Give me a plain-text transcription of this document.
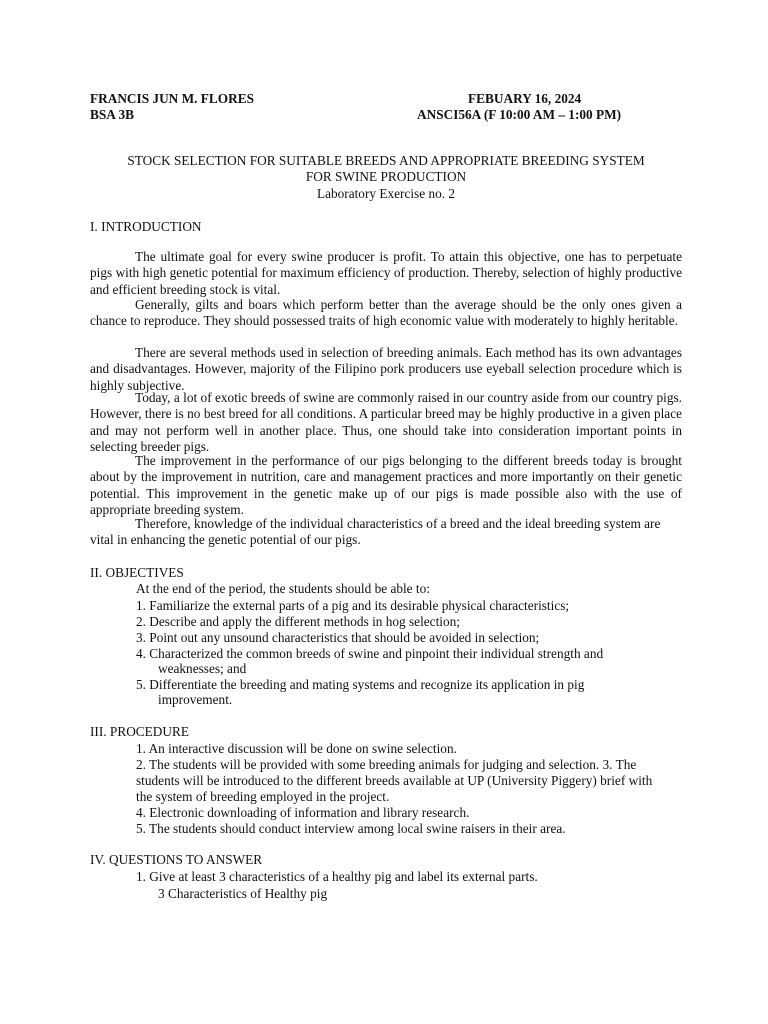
FRANCIS JUN M. FLORES
BSA 3B
FEBUARY 16, 2024
ANSCI56A (F 10:00 AM – 1:00 PM)
STOCK SELECTION FOR SUITABLE BREEDS AND APPROPRIATE BREEDING SYSTEM
FOR SWINE PRODUCTION
Laboratory Exercise no. 2
I. INTRODUCTION

The ultimate goal for every swine producer is profit. To attain this objective, one has to perpetuate pigs with high genetic potential for maximum efficiency of production. Thereby, selection of highly productive and efficient breeding stock is vital.

Generally, gilts and boars which perform better than the average should be the only ones given a chance to reproduce. They should possessed traits of high economic value with moderately to highly heritable.

There are several methods used in selection of breeding animals. Each method has its own advantages and disadvantages. However, majority of the Filipino pork producers use eyeball selection procedure which is highly subjective.

Today, a lot of exotic breeds of swine are commonly raised in our country aside from our country pigs. However, there is no best breed for all conditions. A particular breed may be highly productive in a given place and may not perform well in another place. Thus, one should take into consideration important points in selecting breeder pigs.

The improvement in the performance of our pigs belonging to the different breeds today is brought about by the improvement in nutrition, care and management practices and more importantly on their genetic potential. This improvement in the genetic make up of our pigs is made possible also with the use of appropriate breeding system.

Therefore, knowledge of the individual characteristics of a breed and the ideal breeding system are vital in enhancing the genetic potential of our pigs.

II. OBJECTIVES
At the end of the period, the students should be able to:
1. Familiarize the external parts of a pig and its desirable physical characteristics;
2. Describe and apply the different methods in hog selection;
3. Point out any unsound characteristics that should be avoided in selection;
4. Characterized the common breeds of swine and pinpoint their individual strength and
weaknesses; and
5. Differentiate the breeding and mating systems and recognize its application in pig
improvement.
III. PROCEDURE
1. An interactive discussion will be done on swine selection.
2. The students will be provided with some breeding animals for judging and selection. 3. The
students will be introduced to the different breeds available at UP (University Piggery) brief with
the system of breeding employed in the project.
4. Electronic downloading of information and library research.
5. The students should conduct interview among local swine raisers in their area.
IV. QUESTIONS TO ANSWER
1. Give at least 3 characteristics of a healthy pig and label its external parts.
3 Characteristics of Healthy pig
